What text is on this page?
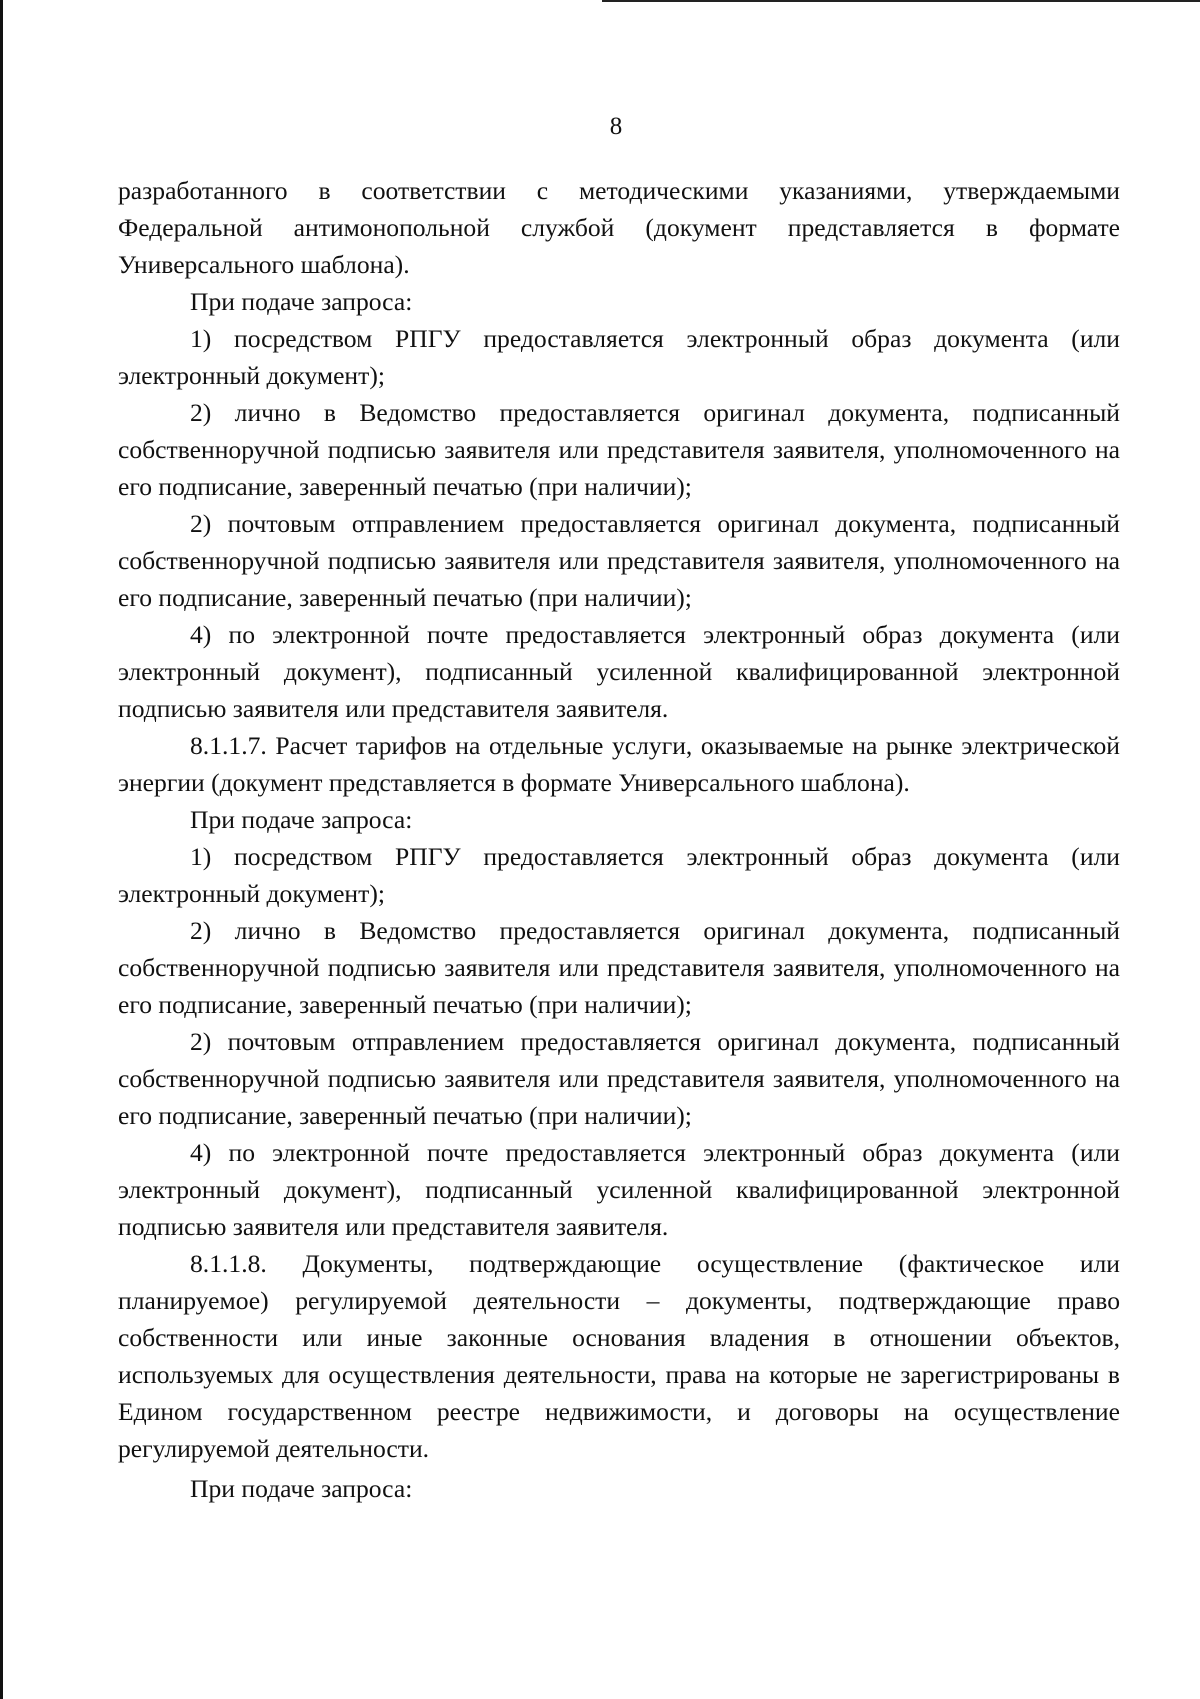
8

разработанного в соответствии с методическими указаниями, утверждаемыми Федеральной антимонопольной службой (документ представляется в формате Универсального шаблона).

При подаче запроса:

1) посредством РПГУ предоставляется электронный образ документа (или электронный документ);

2) лично в Ведомство предоставляется оригинал документа, подписанный собственноручной подписью заявителя или представителя заявителя, уполномоченного на его подписание, заверенный печатью (при наличии);

2) почтовым отправлением предоставляется оригинал документа, подписанный собственноручной подписью заявителя или представителя заявителя, уполномоченного на его подписание, заверенный печатью (при наличии);

4) по электронной почте предоставляется электронный образ документа (или электронный документ), подписанный усиленной квалифицированной электронной подписью заявителя или представителя заявителя.

8.1.1.7. Расчет тарифов на отдельные услуги, оказываемые на рынке электрической энергии (документ представляется в формате Универсального шаблона).

При подаче запроса:

1) посредством РПГУ предоставляется электронный образ документа (или электронный документ);

2) лично в Ведомство предоставляется оригинал документа, подписанный собственноручной подписью заявителя или представителя заявителя, уполномоченного на его подписание, заверенный печатью (при наличии);

2) почтовым отправлением предоставляется оригинал документа, подписанный собственноручной подписью заявителя или представителя заявителя, уполномоченного на его подписание, заверенный печатью (при наличии);

4) по электронной почте предоставляется электронный образ документа (или электронный документ), подписанный усиленной квалифицированной электронной подписью заявителя или представителя заявителя.

8.1.1.8. Документы, подтверждающие осуществление (фактическое или планируемое) регулируемой деятельности – документы, подтверждающие право собственности или иные законные основания владения в отношении объектов, используемых для осуществления деятельности, права на которые не зарегистрированы в Едином государственном реестре недвижимости, и договоры на осуществление регулируемой деятельности.

При подаче запроса:
